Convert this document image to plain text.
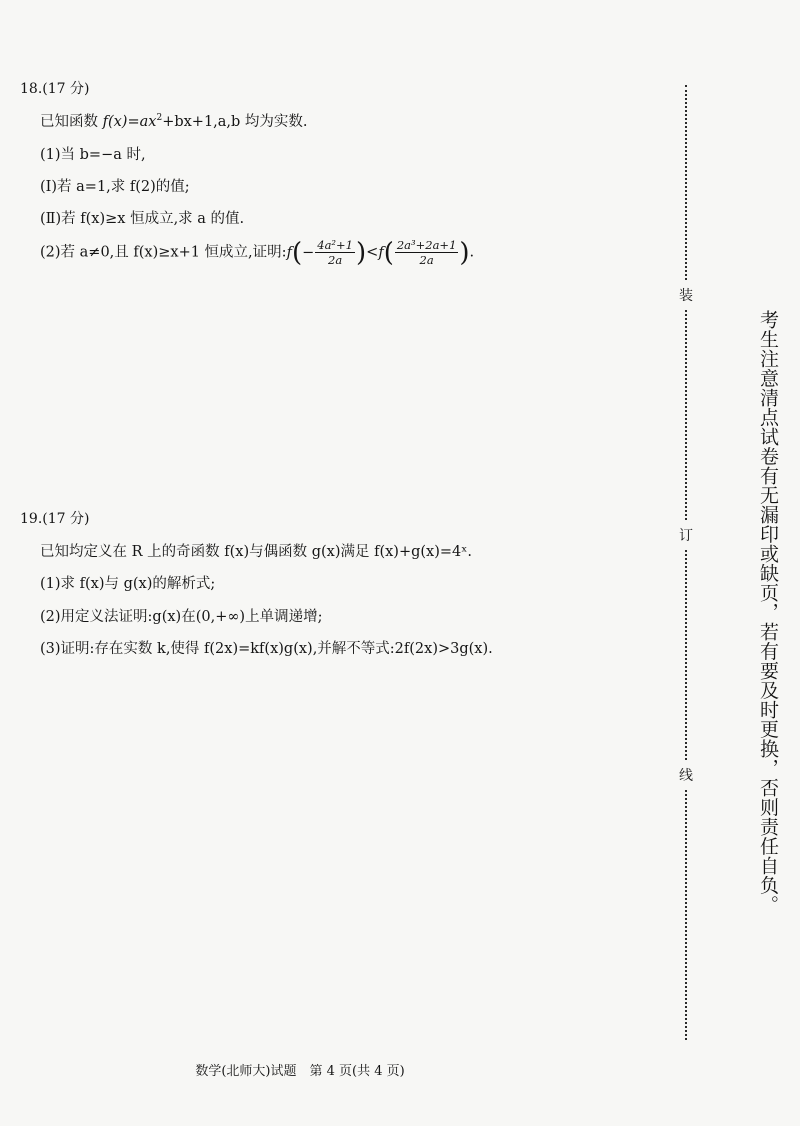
18.(17 分)
已知函数 $f(x)=ax^2+bx+1,a,b$ 均为实数.
(1)当 b=−a 时,
(Ⅰ)若 a=1,求 f(2)的值;
(Ⅱ)若 f(x)≥x 恒成立,求 a 的值.
(2)若 a≠0,且 f(x)≥x+1 恒成立,证明: f ( − $\frac{\text{4a²+1}}{2a}$ ) < f ( $\frac{\text{2a³+2a+1}}{2a}$ ) .
19.(17 分)
已知均定义在 R 上的奇函数 f(x)与偶函数 g(x)满足 f(x)+g(x)=4ˣ.
(1)求 f(x)与 g(x)的解析式;
(2)用定义法证明:g(x)在(0,+∞)上单调递增;
(3)证明:存在实数 k,使得 f(2x)=kf(x)g(x),并解不等式:2f(2x)>3g(x).
装
订
线	考生注意清点试卷有无漏印或缺页，若有要及时更换，否则责任自负。
数学(北师大)试题　第 4 页(共 4 页)
